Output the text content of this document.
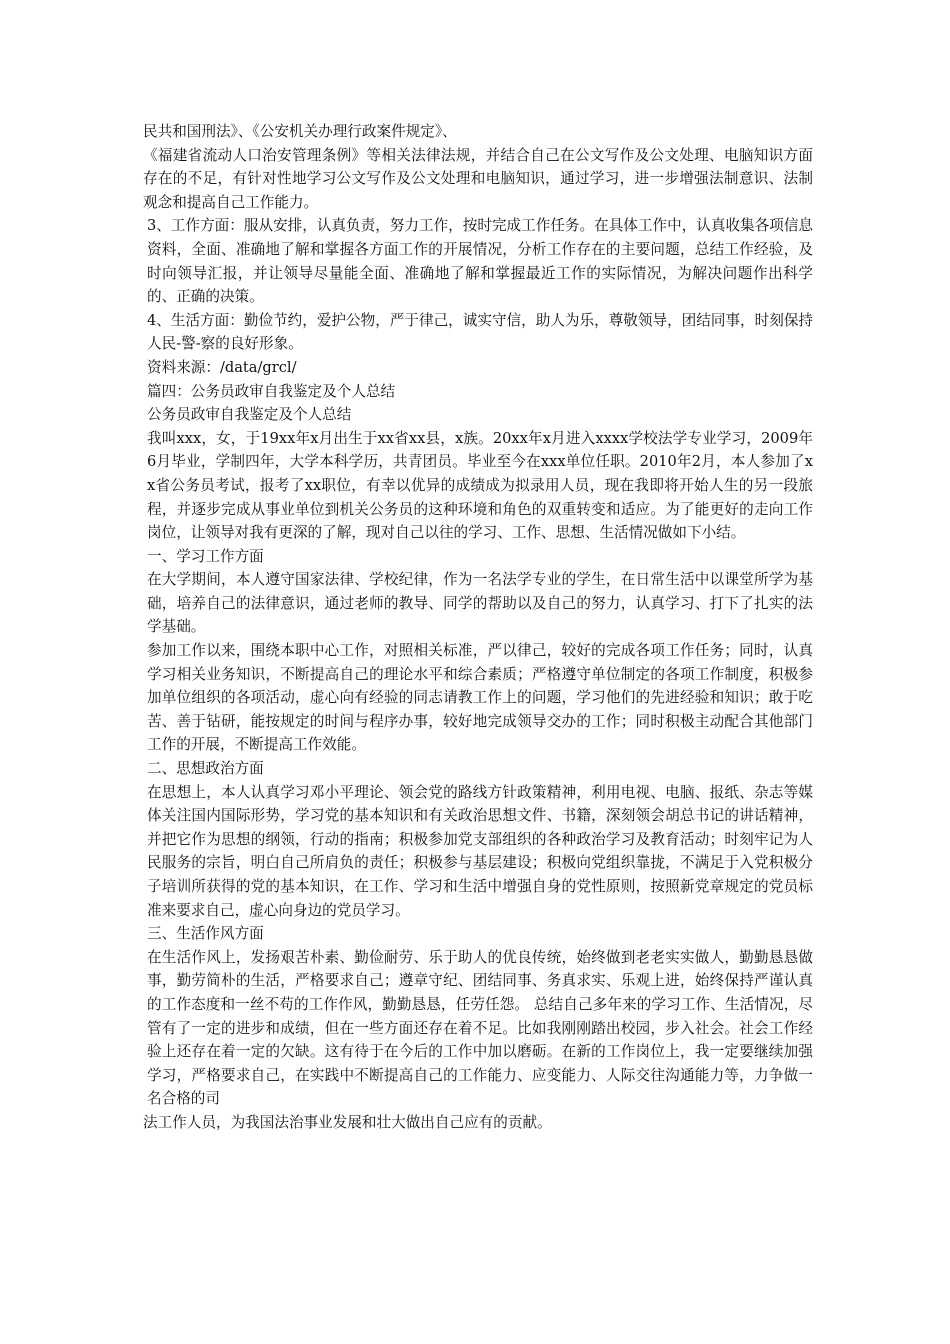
民共和国刑法》、《公安机关办理行政案件规定》、

《福建省流动人口治安管理条例》等相关法律法规，并结合自己在公文写作及公文处理、电脑知识方面存在的不足，有针对性地学习公文写作及公文处理和电脑知识，通过学习，进一步增强法制意识、法制观念和提高自己工作能力。

3、工作方面：服从安排，认真负责，努力工作，按时完成工作任务。在具体工作中，认真收集各项信息资料，全面、准确地了解和掌握各方面工作的开展情况，分析工作存在的主要问题，总结工作经验，及时向领导汇报，并让领导尽量能全面、准确地了解和掌握最近工作的实际情况，为解决问题作出科学的、正确的决策。

4、生活方面：勤俭节约，爱护公物，严于律己，诚实守信，助人为乐，尊敬领导，团结同事，时刻保持人民-警-察的良好形象。

资料来源：/data/grcl/

篇四：公务员政审自我鉴定及个人总结

公务员政审自我鉴定及个人总结

我叫xxx，女，于19xx年x月出生于xx省xx县，x族。20xx年x月进入xxxx学校法学专业学习，2009年6月毕业，学制四年，大学本科学历，共青团员。毕业至今在xxx单位任职。2010年2月，本人参加了xx省公务员考试，报考了xx职位，有幸以优异的成绩成为拟录用人员，现在我即将开始人生的另一段旅程，并逐步完成从事业单位到机关公务员的这种环境和角色的双重转变和适应。为了能更好的走向工作岗位，让领导对我有更深的了解，现对自己以往的学习、工作、思想、生活情况做如下小结。

一、学习工作方面

在大学期间，本人遵守国家法律、学校纪律，作为一名法学专业的学生，在日常生活中以课堂所学为基础，培养自己的法律意识，通过老师的教导、同学的帮助以及自己的努力，认真学习、打下了扎实的法学基础。

参加工作以来，围绕本职中心工作，对照相关标准，严以律己，较好的完成各项工作任务；同时，认真学习相关业务知识，不断提高自己的理论水平和综合素质；严格遵守单位制定的各项工作制度，积极参加单位组织的各项活动，虚心向有经验的同志请教工作上的问题，学习他们的先进经验和知识；敢于吃苦、善于钻研，能按规定的时间与程序办事，较好地完成领导交办的工作；同时积极主动配合其他部门工作的开展，不断提高工作效能。

二、思想政治方面

在思想上，本人认真学习邓小平理论、领会党的路线方针政策精神，利用电视、电脑、报纸、杂志等媒体关注国内国际形势，学习党的基本知识和有关政治思想文件、书籍，深刻领会胡总书记的讲话精神，并把它作为思想的纲领，行动的指南；积极参加党支部组织的各种政治学习及教育活动；时刻牢记为人民服务的宗旨，明白自己所肩负的责任；积极参与基层建设；积极向党组织靠拢，不满足于入党积极分子培训所获得的党的基本知识，在工作、学习和生活中增强自身的党性原则，按照新党章规定的党员标准来要求自己，虚心向身边的党员学习。

三、生活作风方面

在生活作风上，发扬艰苦朴素、勤俭耐劳、乐于助人的优良传统，始终做到老老实实做人，勤勤恳恳做事，勤劳简朴的生活，严格要求自己；遵章守纪、团结同事、务真求实、乐观上进，始终保持严谨认真的工作态度和一丝不苟的工作作风，勤勤恳恳，任劳任怨。 总结自己多年来的学习工作、生活情况，尽管有了一定的进步和成绩，但在一些方面还存在着不足。比如我刚刚踏出校园，步入社会。社会工作经验上还存在着一定的欠缺。这有待于在今后的工作中加以磨砺。在新的工作岗位上，我一定要继续加强学习，严格要求自己，在实践中不断提高自己的工作能力、应变能力、人际交往沟通能力等，力争做一名合格的司

法工作人员，为我国法治事业发展和壮大做出自己应有的贡献。
